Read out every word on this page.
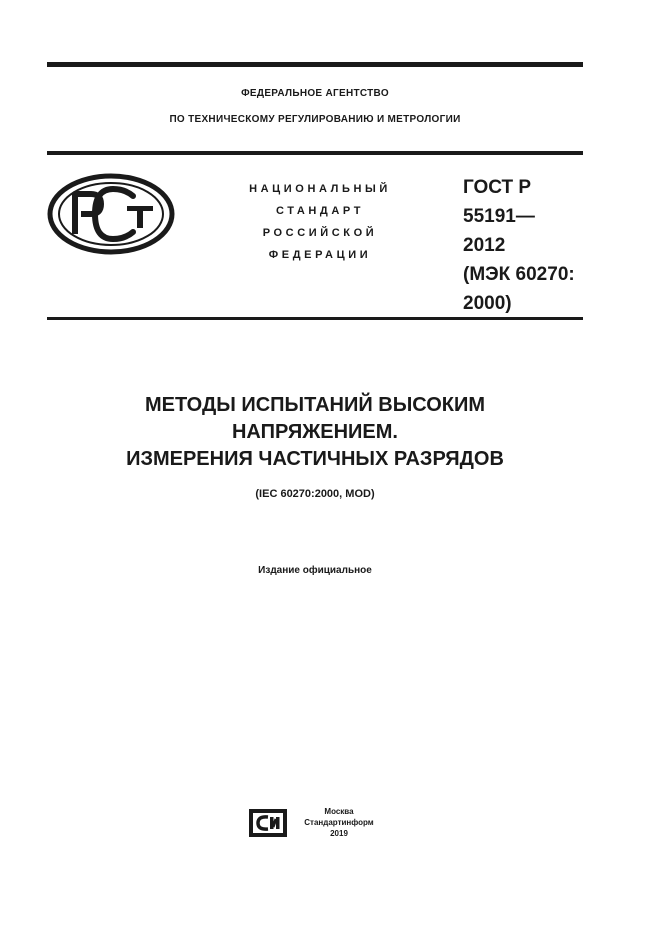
ФЕДЕРАЛЬНОЕ АГЕНТСТВО
ПО ТЕХНИЧЕСКОМУ РЕГУЛИРОВАНИЮ И МЕТРОЛОГИИ
НАЦИОНАЛЬНЫЙ
СТАНДАРТ
РОССИЙСКОЙ
ФЕДЕРАЦИИ
ГОСТ Р
55191—
2012
(МЭК 60270:
2000)
МЕТОДЫ ИСПЫТАНИЙ ВЫСОКИМ
НАПРЯЖЕНИЕМ.
ИЗМЕРЕНИЯ ЧАСТИЧНЫХ РАЗРЯДОВ
(IEC 60270:2000, MOD)
Издание официальное
Москва
Стандартинформ
2019
